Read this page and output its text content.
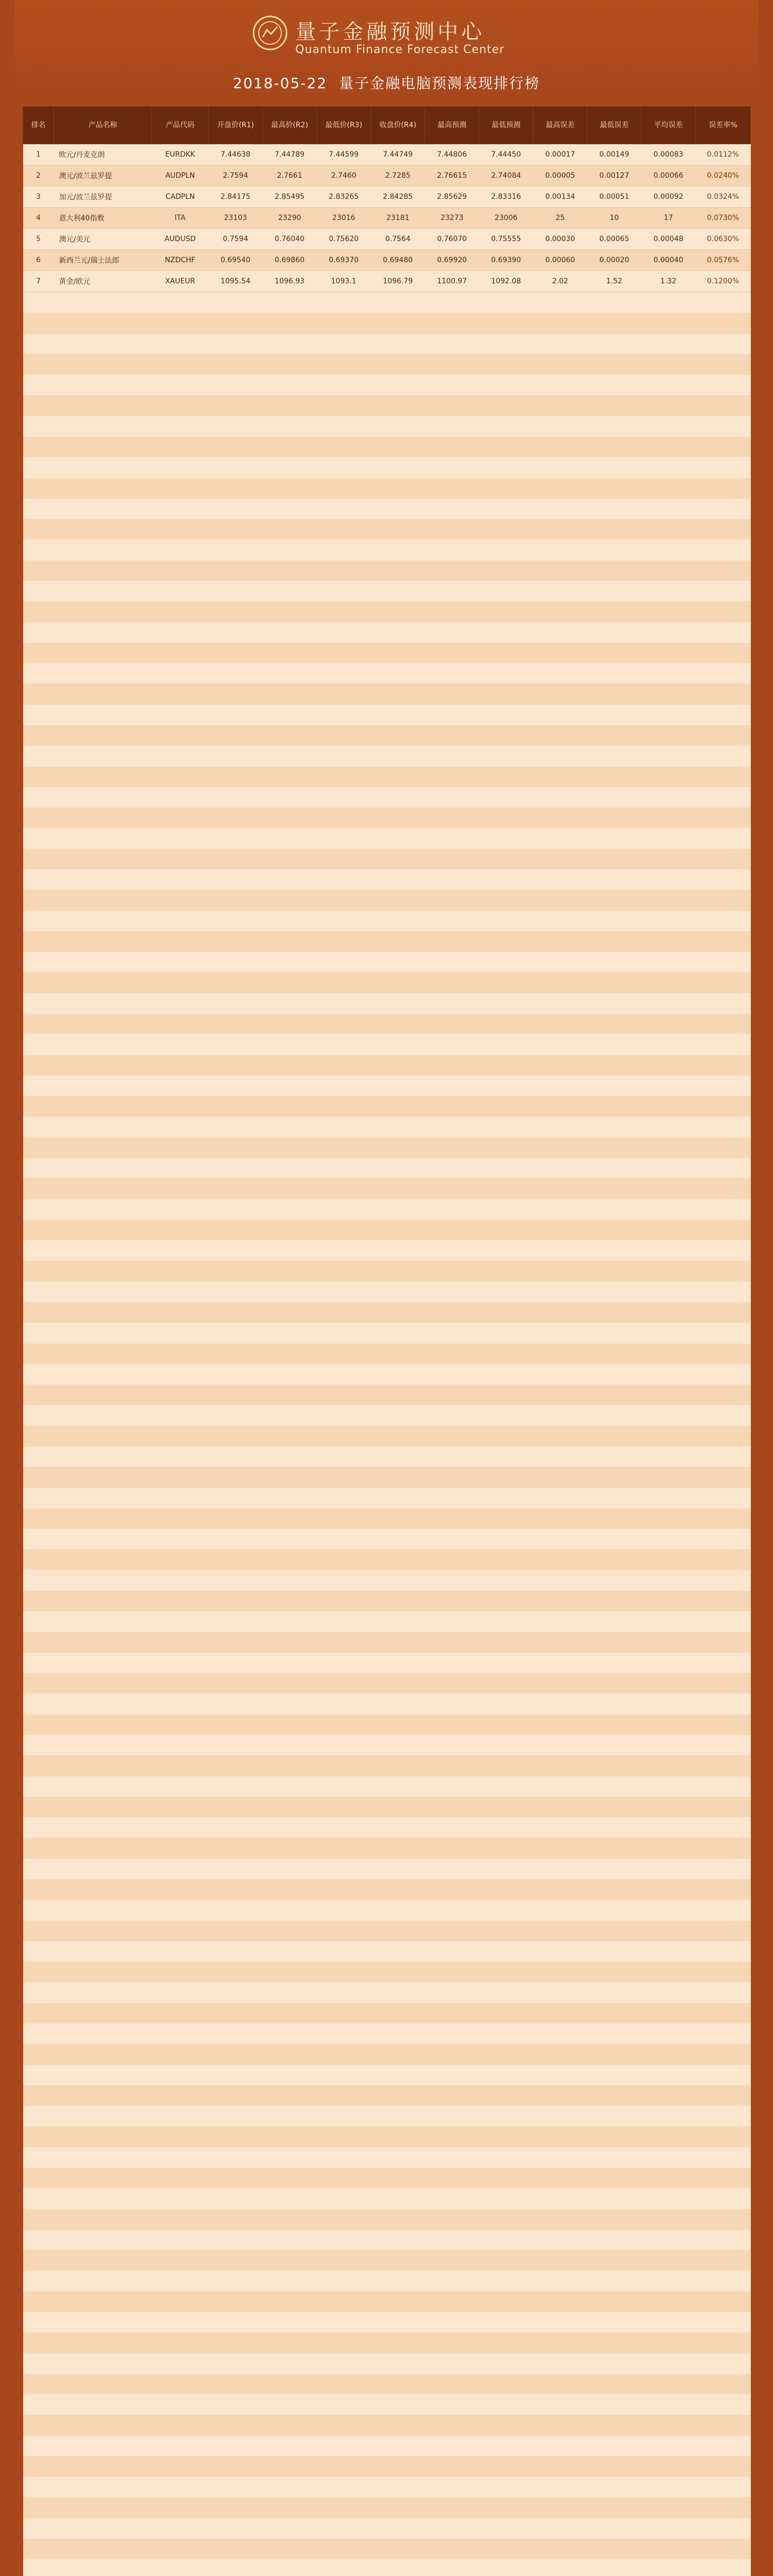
量子金融预测中心
Quantum Finance Forecast Center
2018-05-22 量子金融电脑预测表现排行榜
排名	产品名称	产品代码	开盘价(R1)	最高价(R2)	最低价(R3)	收盘价(R4)	最高预测	最低预测	最高误差	最低误差	平均误差	误差率%
1	欧元/丹麦克朗	EURDKK	7.44638	7.44789	7.44599	7.44749	7.44806	7.44450	0.00017	0.00149	0.00083	0.0112%
2	澳元/波兰兹罗提	AUDPLN	2.7594	2.7661	2.7460	2.7285	2.76615	2.74084	0.00005	0.00127	0.00066	0.0240%
3	加元/波兰兹罗提	CADPLN	2.84175	2.85495	2.83265	2.84285	2.85629	2.83316	0.00134	0.00051	0.00092	0.0324%
4	意大利40指数	ITA	23103	23290	23016	23181	23273	23006	25	10	17	0.0730%
5	澳元/美元	AUDUSD	0.7594	0.76040	0.75620	0.7564	0.76070	0.75555	0.00030	0.00065	0.00048	0.0630%
6	新西兰元/瑞士法郎	NZDCHF	0.69540	0.69860	0.69370	0.69480	0.69920	0.69390	0.00060	0.00020	0.00040	0.0576%
7	黄金/欧元	XAUEUR	1095.54	1096.93	1093.1	1096.79	1100.97	1092.08	2.02	1.52	1.32	0.1200%
